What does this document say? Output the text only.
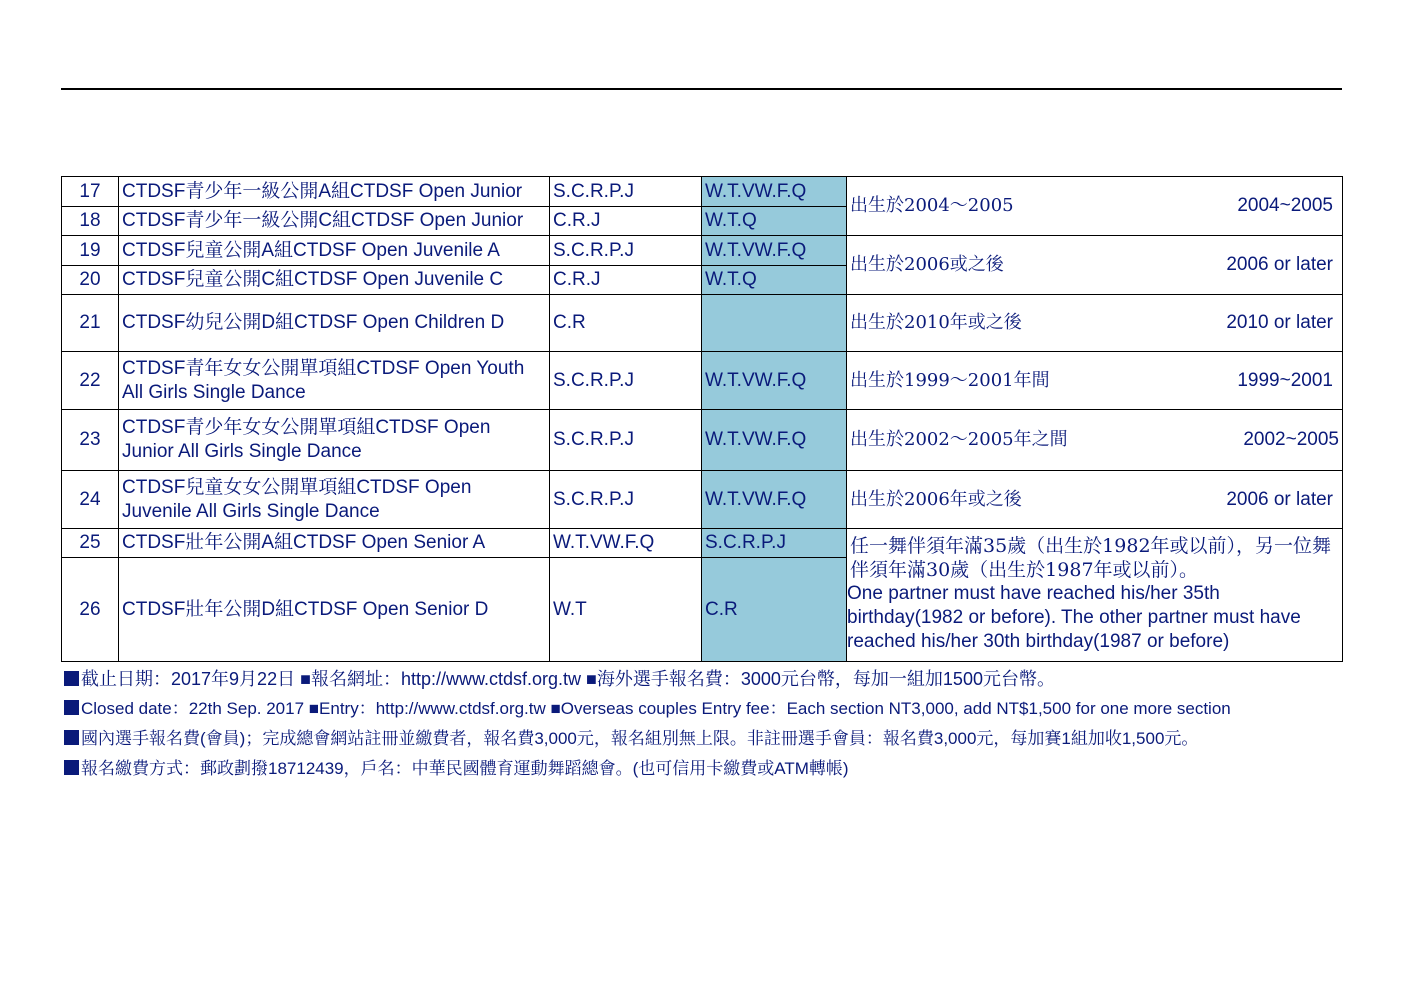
17	CTDSF青少年一級公開A組CTDSF Open Junior	S.C.R.P.J	W.T.VW.F.Q	出生於2004～2005 2004~2005

18	CTDSF青少年一級公開C組CTDSF Open Junior	C.R.J	W.T.Q	
19	CTDSF兒童公開A組CTDSF Open Juvenile A	S.C.R.P.J	W.T.VW.F.Q	出生於2006或之後 2006 or later

20	CTDSF兒童公開C組CTDSF Open Juvenile C	C.R.J	W.T.Q	
21	CTDSF幼兒公開D組CTDSF Open Children D	C.R		出生於2010年或之後 2010 or later

22	CTDSF青年女女公開單項組CTDSF Open Youth All Girls Single Dance	S.C.R.P.J	W.T.VW.F.Q	出生於1999～2001年間 1999~2001

23	CTDSF青少年女女公開單項組CTDSF Open Junior All Girls Single Dance	S.C.R.P.J	W.T.VW.F.Q	出生於2002～2005年之間 2002~2005

24	CTDSF兒童女女公開單項組CTDSF Open Juvenile All Girls Single Dance	S.C.R.P.J	W.T.VW.F.Q	出生於2006年或之後 2006 or later

25	CTDSF壯年公開A組CTDSF Open Senior A	W.T.VW.F.Q	S.C.R.P.J	任一舞伴須年滿35歲（出生於1982年或以前），另一位舞伴須年滿30歲（出生於1987年或以前）。
One partner must have reached his/her 35th birthday(1982 or before). The other partner must have reached his/her 30th birthday(1987 or before)

26	CTDSF壯年公開D組CTDSF Open Senior D	W.T	C.R	
截止日期：2017年9月22日 ■報名網址：http://www.ctdsf.org.tw ■海外選手報名費：3000元台幣，每加一組加1500元台幣。
Closed date：22th Sep. 2017 ■Entry：http://www.ctdsf.org.tw ■Overseas couples Entry fee：Each section NT3,000, add NT$1,500 for one more section
國內選手報名費(會員)；完成總會網站註冊並繳費者，報名費3,000元，報名組別無上限。非註冊選手會員：報名費3,000元，每加賽1組加收1,500元。
報名繳費方式：郵政劃撥18712439，戶名：中華民國體育運動舞蹈總會。(也可信用卡繳費或ATM轉帳)
